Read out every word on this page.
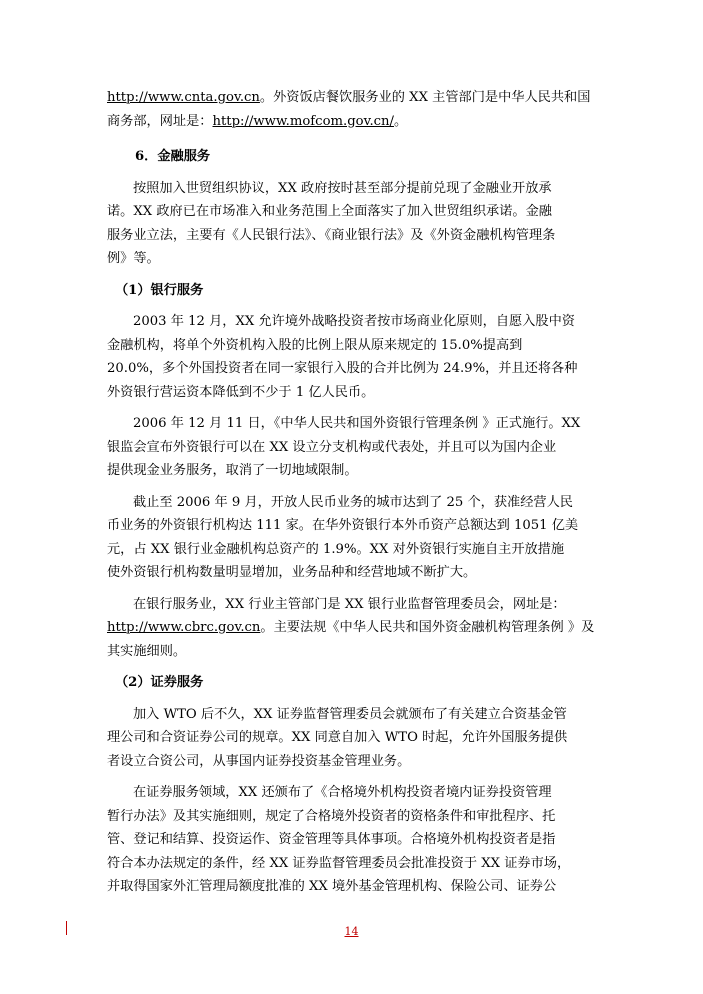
http://www.cnta.gov.cn。外资饭店餐饮服务业的 XX 主管部门是中华人民共和国
商务部，网址是：http://www.mofcom.gov.cn/。
6．金融服务
按照加入世贸组织协议，XX 政府按时甚至部分提前兑现了金融业开放承
诺。XX 政府已在市场准入和业务范围上全面落实了加入世贸组织承诺。金融
服务业立法，主要有《人民银行法》、《商业银行法》及《外资金融机构管理条
例》等。
（1）银行服务
2003 年 12 月，XX 允许境外战略投资者按市场商业化原则，自愿入股中资
金融机构，将单个外资机构入股的比例上限从原来规定的 15.0%提高到
20.0%，多个外国投资者在同一家银行入股的合并比例为 24.9%，并且还将各种
外资银行营运资本降低到不少于 1 亿人民币。
2006 年 12 月 11 日，《中华人民共和国外资银行管理条例 》正式施行。XX
银监会宣布外资银行可以在 XX 设立分支机构或代表处，并且可以为国内企业
提供现金业务服务，取消了一切地域限制。
截止至 2006 年 9 月，开放人民币业务的城市达到了 25 个，获准经营人民
币业务的外资银行机构达 111 家。在华外资银行本外币资产总额达到 1051 亿美
元，占 XX 银行业金融机构总资产的 1.9%。XX 对外资银行实施自主开放措施
使外资银行机构数量明显增加，业务品种和经营地域不断扩大。
在银行服务业，XX 行业主管部门是 XX 银行业监督管理委员会，网址是：
http://www.cbrc.gov.cn。主要法规《中华人民共和国外资金融机构管理条例 》及
其实施细则。
（2）证券服务
加入 WTO 后不久，XX 证券监督管理委员会就颁布了有关建立合资基金管
理公司和合资证券公司的规章。XX 同意自加入 WTO 时起，允许外国服务提供
者设立合资公司，从事国内证券投资基金管理业务。
在证券服务领域，XX 还颁布了《合格境外机构投资者境内证券投资管理
暂行办法》及其实施细则，规定了合格境外投资者的资格条件和审批程序、托
管、登记和结算、投资运作、资金管理等具体事项。合格境外机构投资者是指
符合本办法规定的条件，经 XX 证券监督管理委员会批准投资于 XX 证券市场，
并取得国家外汇管理局额度批准的 XX 境外基金管理机构、保险公司、证券公
14
